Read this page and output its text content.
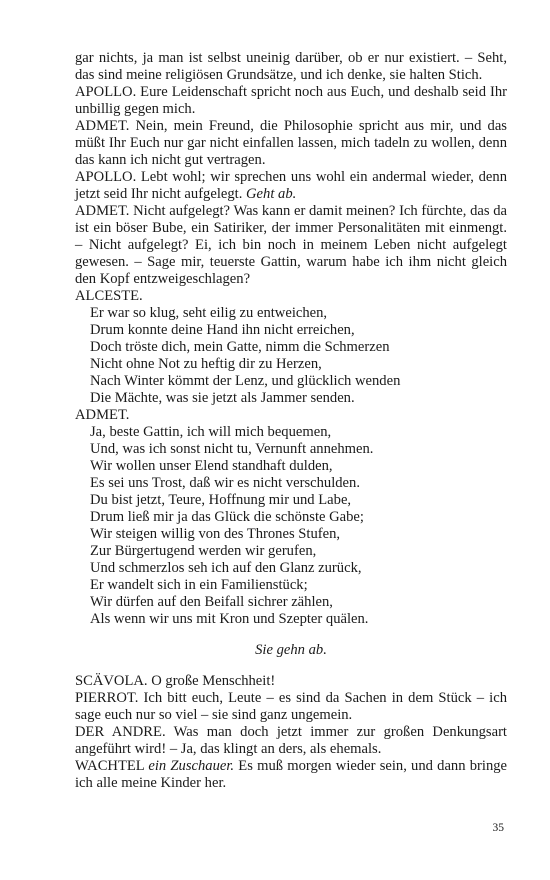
gar nichts, ja man ist selbst uneinig darüber, ob er nur existiert. – Seht, das sind meine religiösen Grundsätze, und ich denke, sie halten Stich.

APOLLO. Eure Leidenschaft spricht noch aus Euch, und deshalb seid Ihr unbillig gegen mich.

ADMET. Nein, mein Freund, die Philosophie spricht aus mir, und das müßt Ihr Euch nur gar nicht einfallen lassen, mich tadeln zu wollen, denn das kann ich nicht gut vertragen.

APOLLO. Lebt wohl; wir sprechen uns wohl ein andermal wieder, denn jetzt seid Ihr nicht aufgelegt. Geht ab.

ADMET. Nicht aufgelegt? Was kann er damit meinen? Ich fürchte, das da ist ein böser Bube, ein Satiriker, der immer Personalitäten mit einmengt. – Nicht aufgelegt? Ei, ich bin noch in meinem Leben nicht aufgelegt gewesen. – Sage mir, teuerste Gattin, warum habe ich ihm nicht gleich den Kopf entzweigeschlagen?

ALCESTE.

Er war so klug, seht eilig zu entweichen,

Drum konnte deine Hand ihn nicht erreichen,

Doch tröste dich, mein Gatte, nimm die Schmerzen

Nicht ohne Not zu heftig dir zu Herzen,

Nach Winter kömmt der Lenz, und glücklich wenden

Die Mächte, was sie jetzt als Jammer senden.

ADMET.

Ja, beste Gattin, ich will mich bequemen,

Und, was ich sonst nicht tu, Vernunft annehmen.

Wir wollen unser Elend standhaft dulden,

Es sei uns Trost, daß wir es nicht verschulden.

Du bist jetzt, Teure, Hoffnung mir und Labe,

Drum ließ mir ja das Glück die schönste Gabe;

Wir steigen willig von des Thrones Stufen,

Zur Bürgertugend werden wir gerufen,

Und schmerzlos seh ich auf den Glanz zurück,

Er wandelt sich in ein Familienstück;

Wir dürfen auf den Beifall sichrer zählen,

Als wenn wir uns mit Kron und Szepter quälen.

Sie gehn ab.

SCÄVOLA. O große Menschheit!

PIERROT. Ich bitt euch, Leute – es sind da Sachen in dem Stück – ich sage euch nur so viel – sie sind ganz ungemein.

DER ANDRE. Was man doch jetzt immer zur großen Denkungsart angeführt wird! – Ja, das klingt an ders, als ehemals.

WACHTEL ein Zuschauer. Es muß morgen wieder sein, und dann bringe ich alle meine Kinder her.

35
